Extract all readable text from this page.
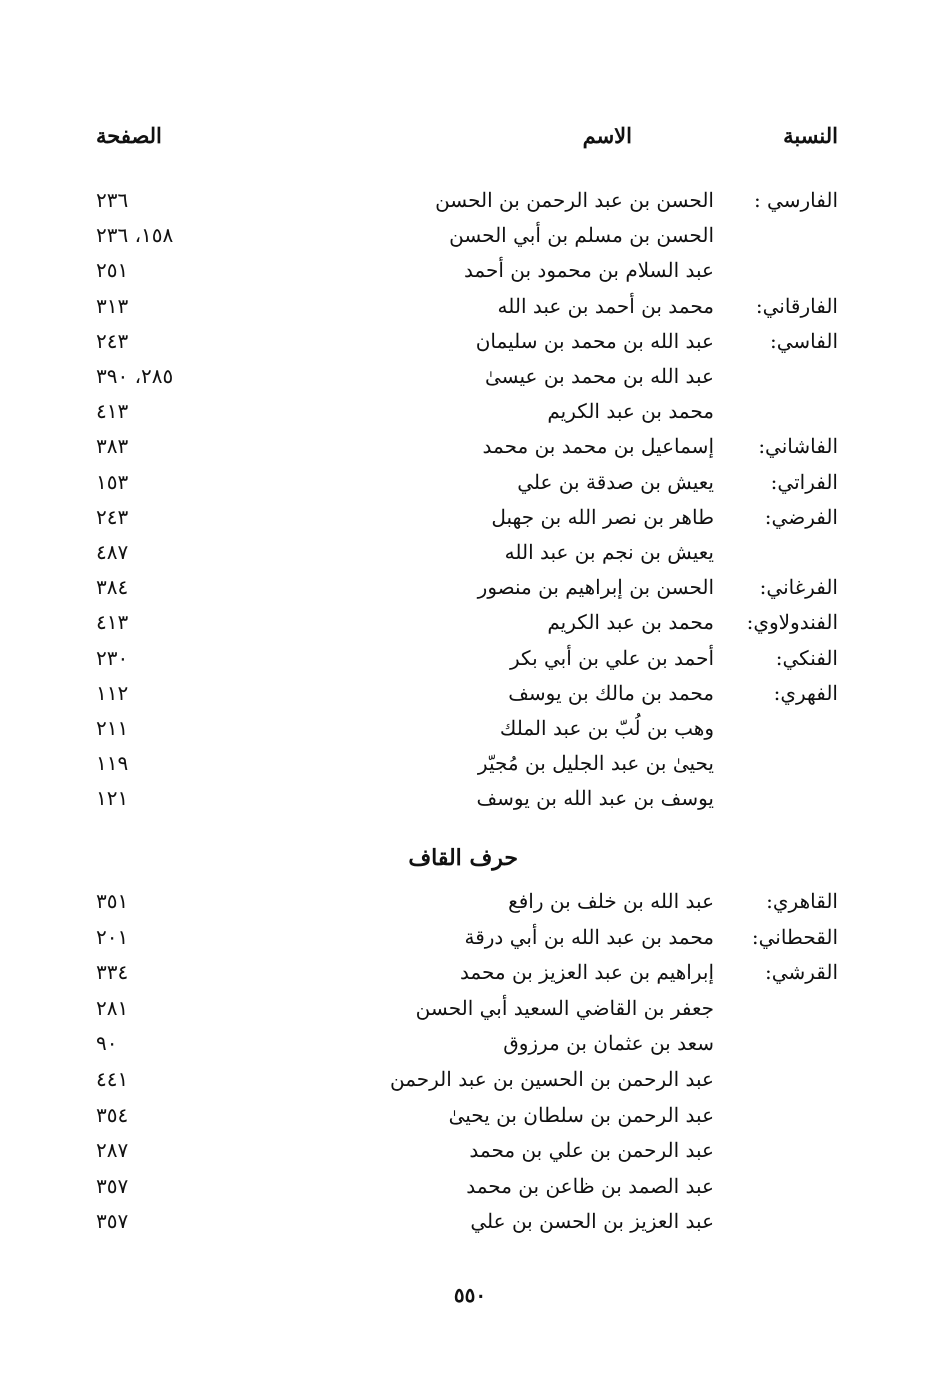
النسبة
الاسم
الصفحة
الفارسي :
الحسن بن عبد الرحمن بن الحسن
٢٣٦
الحسن بن مسلم بن أبي الحسن
١٥٨، ٢٣٦
عبد السلام بن محمود بن أحمد
٢٥١
الفارقاني:
محمد بن أحمد بن عبد الله
٣١٣
الفاسي:
عبد الله بن محمد بن سليمان
٢٤٣
عبد الله بن محمد بن عيسىٰ
٢٨٥، ٣٩٠
محمد بن عبد الكريم
٤١٣
الفاشاني:
إسماعيل بن محمد بن محمد
٣٨٣
الفراتي:
يعيش بن صدقة بن علي
١٥٣
الفرضي:
طاهر بن نصر الله بن جهبل
٢٤٣
يعيش بن نجم بن عبد الله
٤٨٧
الفرغاني:
الحسن بن إبراهيم بن منصور
٣٨٤
الفندولاوي:
محمد بن عبد الكريم
٤١٣
الفنكي:
أحمد بن علي بن أبي بكر
٢٣٠
الفهري:
محمد بن مالك بن يوسف
١١٢
وهب بن لُبّ بن عبد الملك
٢١١
يحيىٰ بن عبد الجليل بن مُجيّر
١١٩
يوسف بن عبد الله بن يوسف
١٢١
حرف القاف
القاهري:
عبد الله بن خلف بن رافع
٣٥١
القحطاني:
محمد بن عبد الله بن أبي درقة
٢٠١
القرشي:
إبراهيم بن عبد العزيز بن محمد
٣٣٤
جعفر بن القاضي السعيد أبي الحسن
٢٨١
سعد بن عثمان بن مرزوق
٩٠
عبد الرحمن بن الحسين بن عبد الرحمن
٤٤١
عبد الرحمن بن سلطان بن يحيىٰ
٣٥٤
عبد الرحمن بن علي بن محمد
٢٨٧
عبد الصمد بن ظاعن بن محمد
٣٥٧
عبد العزيز بن الحسن بن علي
٣٥٧
٥٥٠
